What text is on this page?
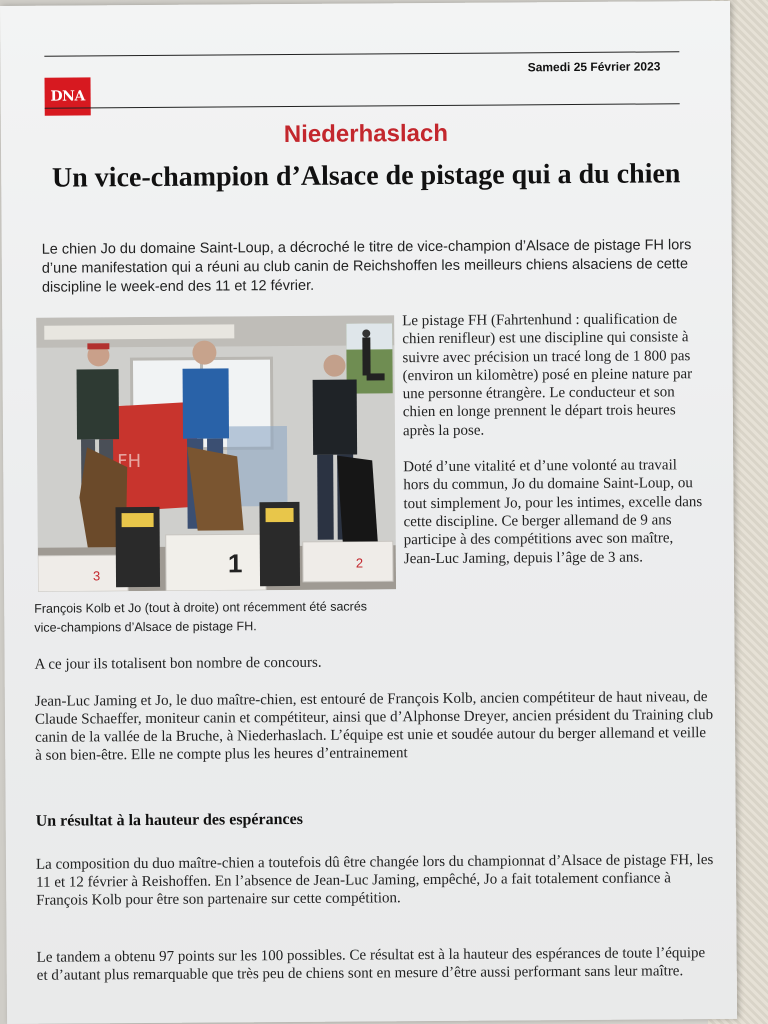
DNA
Samedi 25 Février 2023
Niederhaslach
Un vice-champion d’Alsace de pistage qui a du chien
Le chien Jo du domaine Saint-Loup, a décroché le titre de vice-champion d’Alsace de pistage FH lors d’une manifestation qui a réuni au club canin de Reichshoffen les meilleurs chiens alsaciens de cette discipline le week-end des 11 et 12 février.
FH
3	1	2
François Kolb et Jo (tout à droite) ont récemment été sacrés vice-champions d’Alsace de pistage FH.

Le pistage FH (Fahrtenhund : qualification de chien renifleur) est une discipline qui consiste à suivre avec précision un tracé long de 1 800 pas (environ un kilomètre) posé en pleine nature par une personne étrangère. Le conducteur et son chien en longe prennent le départ trois heures après la pose.

Doté d’une vitalité et d’une volonté au travail hors du commun, Jo du domaine Saint-Loup, ou tout simplement Jo, pour les intimes, excelle dans cette discipline. Ce berger allemand de 9 ans participe à des compétitions avec son maître, Jean-Luc Jaming, depuis l’âge de 3 ans.

A ce jour ils totalisent bon nombre de concours.
Jean-Luc Jaming et Jo, le duo maître-chien, est entouré de François Kolb, ancien compétiteur de haut niveau, de Claude Schaeffer, moniteur canin et compétiteur, ainsi que d’Alphonse Dreyer, ancien président du Training club canin de la vallée de la Bruche, à Niederhaslach. L’équipe est unie et soudée autour du berger allemand et veille à son bien-être. Elle ne compte plus les heures d’entrainement
Un résultat à la hauteur des espérances
La composition du duo maître-chien a toutefois dû être changée lors du championnat d’Alsace de pistage FH, les 11 et 12 février à Reishoffen. En l’absence de Jean-Luc Jaming, empêché, Jo a fait totalement confiance à François Kolb pour être son partenaire sur cette compétition.
Le tandem a obtenu 97 points sur les 100 possibles. Ce résultat est à la hauteur des espérances de toute l’équipe et d’autant plus remarquable que très peu de chiens sont en mesure d’être aussi performant sans leur maître.
